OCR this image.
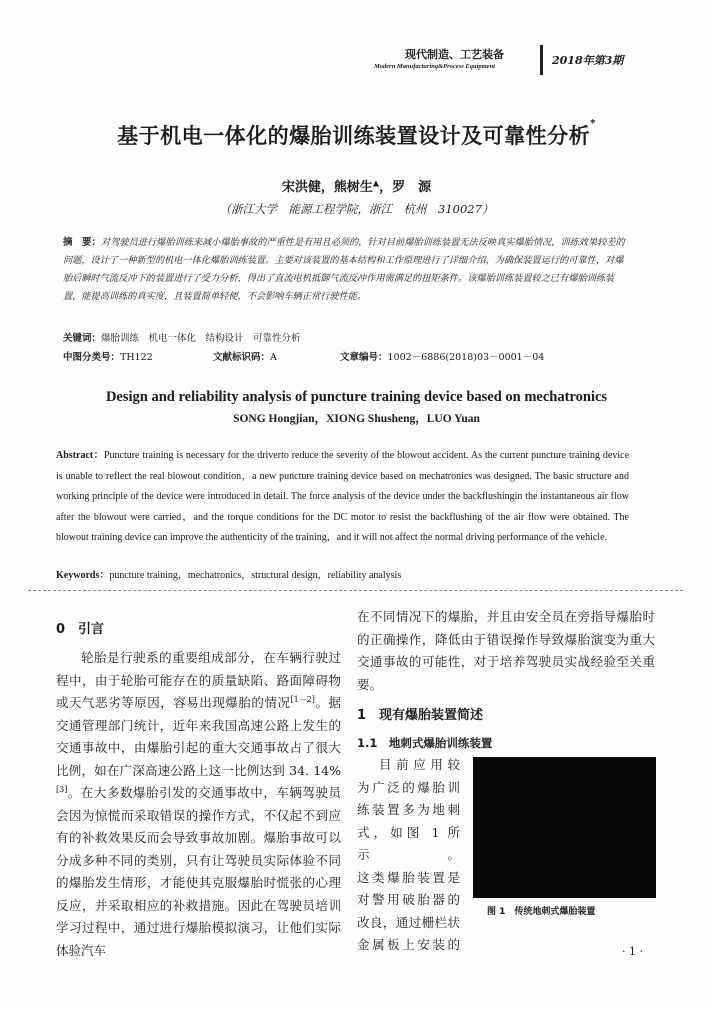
现代制造、工艺装备
Modern Manufacturing&Process Equipment	2018年第3期
基于机电一体化的爆胎训练装置设计及可靠性分析*
宋洪健，熊树生▲，罗　源
（浙江大学　能源工程学院，浙江　杭州　310027）
摘　要：对驾驶员进行爆胎训练来减小爆胎事故的严重性是有用且必须的，针对目前爆胎训练装置无法反映真实爆胎情况，训练效果较差的问题，设计了一种新型的机电一体化爆胎训练装置。主要对该装置的基本结构和工作原理进行了详细介绍，为确保装置运行的可靠性，对爆胎后瞬时气流反冲下的装置进行了受力分析，得出了直流电机抵御气流反冲作用需满足的扭矩条件。该爆胎训练装置较之已有爆胎训练装置，能提高训练的真实度，且装置简单轻便，不会影响车辆正常行驶性能。
关键词：爆胎训练　机电一体化　结构设计　可靠性分析
中图分类号：TH122	文献标识码：A	文章编号：1002－6886(2018)03－0001－04
Design and reliability analysis of puncture training device based on mechatronics
SONG Hongjian，XIONG Shusheng，LUO Yuan
Abstract：Puncture training is necessary for the driverto reduce the severity of the blowout accident. As the current puncture training device is unable to reflect the real blowout condition，a new puncture training device based on mechatronics was designed. The basic structure and working principle of the device were introduced in detail. The force analysis of the device under the backflushingin the instantaneous air flow after the blowout were carried，and the torque conditions for the DC motor to resist the backflushing of the air flow were obtained. The blowout training device can improve the authenticity of the training，and it will not affect the normal driving performance of the vehicle.
Keywords：puncture training，mechatronics，structural design，reliability analysis
0　引言

轮胎是行驶系的重要组成部分，在车辆行驶过程中，由于轮胎可能存在的质量缺陷、路面障碍物或天气恶劣等原因，容易出现爆胎的情况[1－2]。据交通管理部门统计，近年来我国高速公路上发生的交通事故中，由爆胎引起的重大交通事故占了很大比例，如在广深高速公路上这一比例达到 34. 14%[3]。在大多数爆胎引发的交通事故中，车辆驾驶员会因为惊慌而采取错误的操作方式，不仅起不到应有的补救效果反而会导致事故加剧。爆胎事故可以分成多种不同的类别，只有让驾驶员实际体验不同的爆胎发生情形，才能使其克服爆胎时慌张的心理反应，并采取相应的补救措施。因此在驾驶员培训学习过程中，通过进行爆胎模拟演习，让他们实际体验汽车

在不同情况下的爆胎，并且由安全员在旁指导爆胎时的正确操作，降低由于错误操作导致爆胎演变为重大交通事故的可能性，对于培养驾驶员实战经验至关重要。

1　现有爆胎装置简述
1.1　地刺式爆胎训练装置

目前应用较

为广泛的爆胎训

练装置多为地刺

式，如图 1 所示。

这类爆胎装置是

对警用破胎器的

改良，通过栅栏状

金属板上安装的

图 1　传统地刺式爆胎装置
· 1 ·
